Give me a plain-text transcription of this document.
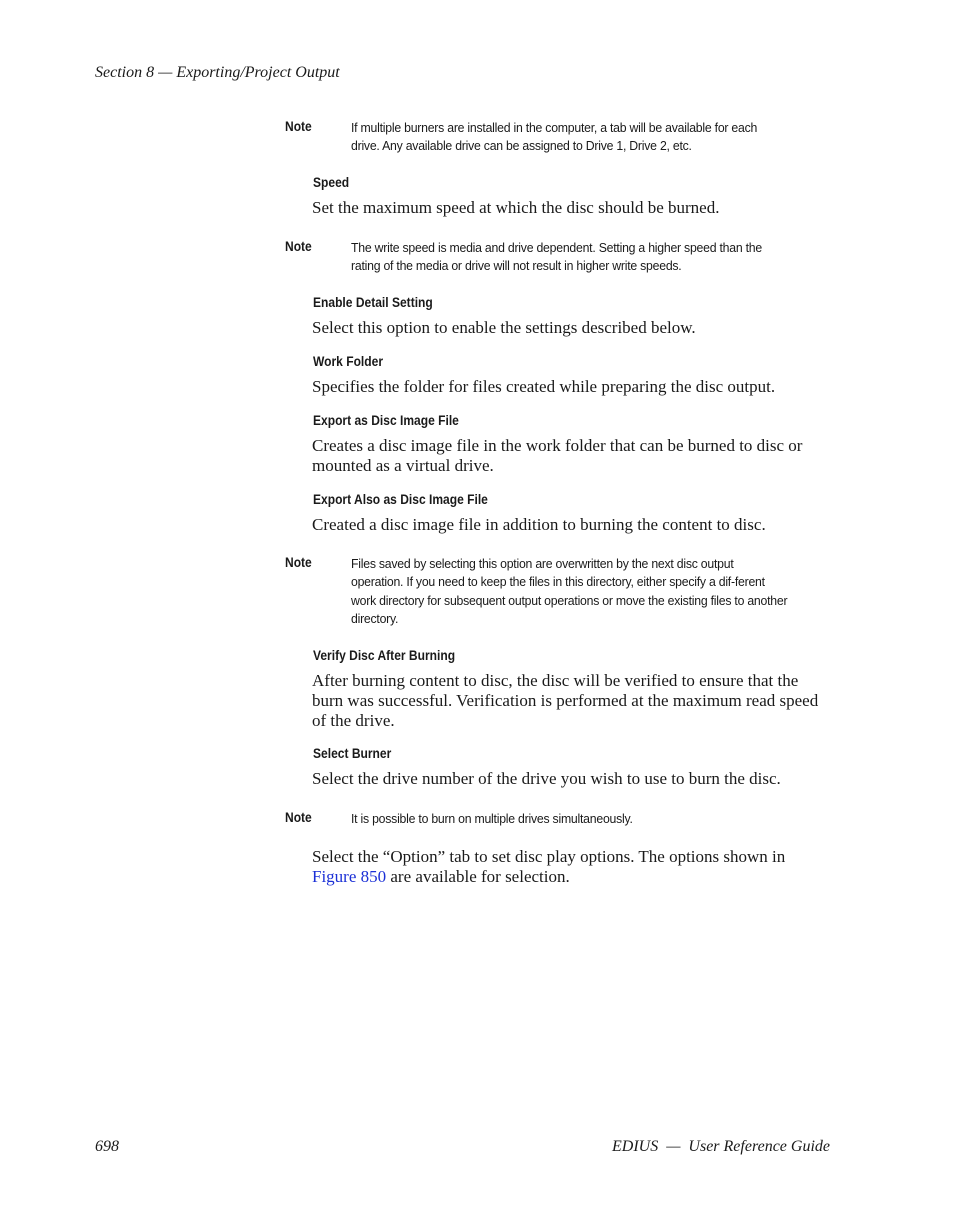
Section 8 — Exporting/Project Output
Note	If multiple burners are installed in the computer, a tab will be available for each drive. Any available drive can be assigned to Drive 1, Drive 2, etc.
Speed
Set the maximum speed at which the disc should be burned.
Note	The write speed is media and drive dependent. Setting a higher speed than the rating of the media or drive will not result in higher write speeds.
Enable Detail Setting
Select this option to enable the settings described below.
Work Folder
Specifies the folder for files created while preparing the disc output.
Export as Disc Image File
Creates a disc image file in the work folder that can be burned to disc or mounted as a virtual drive.
Export Also as Disc Image File
Created a disc image file in addition to burning the content to disc.
Note	Files saved by selecting this option are overwritten by the next disc output operation. If you need to keep the files in this directory, either specify a dif-ferent work directory for subsequent output operations or move the existing files to another directory.
Verify Disc After Burning
After burning content to disc, the disc will be verified to ensure that the burn was successful. Verification is performed at the maximum read speed of the drive.
Select Burner
Select the drive number of the drive you wish to use to burn the disc.
Note	It is possible to burn on multiple drives simultaneously.
Select the “Option” tab to set disc play options. The options shown in Figure 850 are available for selection.
698	EDIUS  —  User Reference Guide
